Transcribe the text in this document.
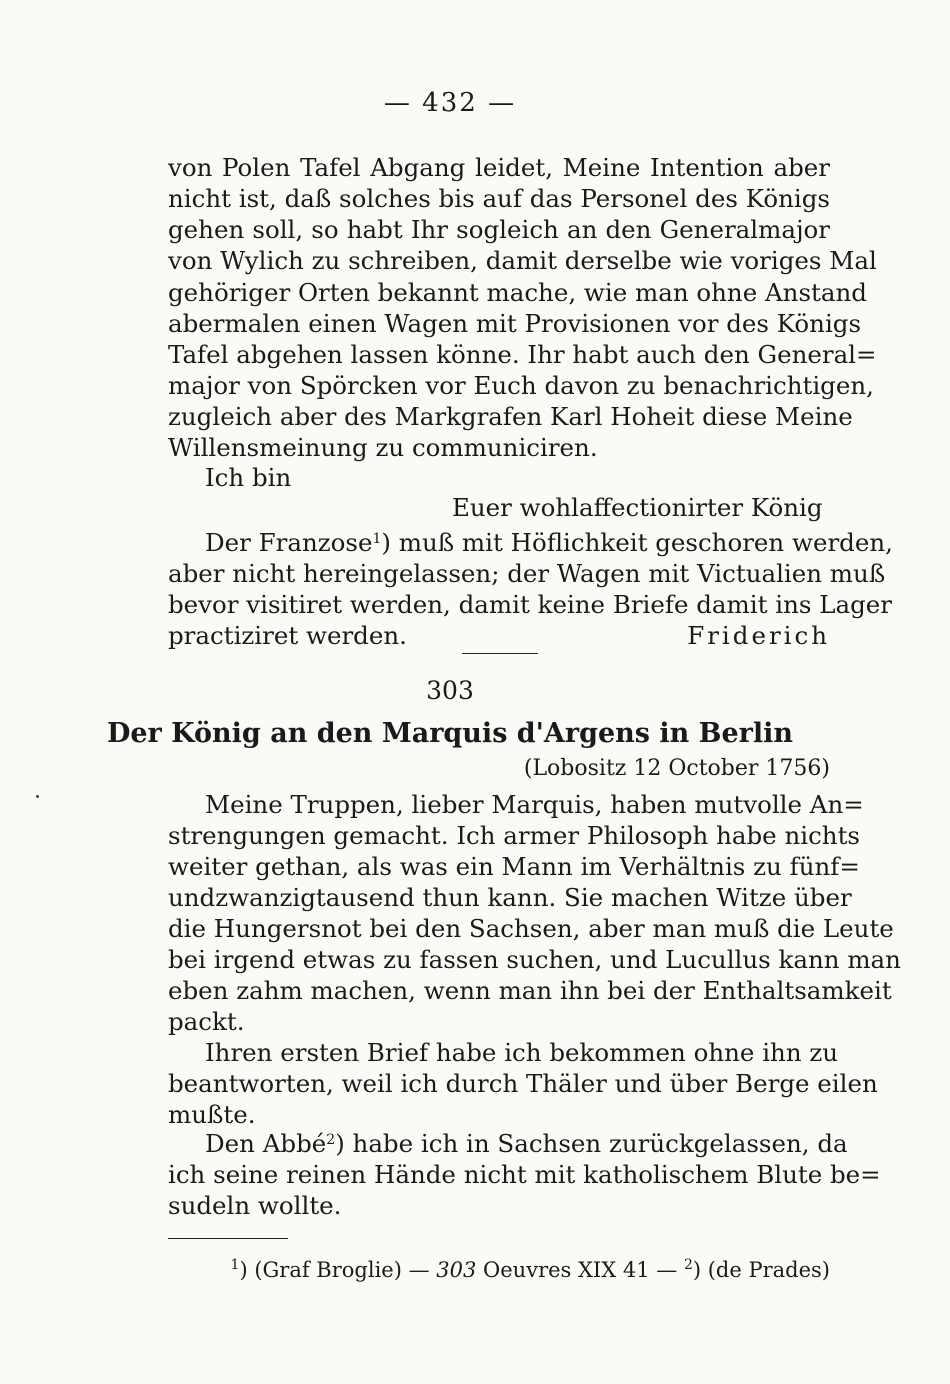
— 432 —
von Polen Tafel Abgang leidet, Meine Intention aber
nicht ist, daß solches bis auf das Personel des Königs
gehen soll, so habt Ihr sogleich an den Generalmajor
von Wylich zu schreiben, damit derselbe wie voriges Mal
gehöriger Orten bekannt mache, wie man ohne Anstand
abermalen einen Wagen mit Provisionen vor des Königs
Tafel abgehen lassen könne. Ihr habt auch den General=
major von Spörcken vor Euch davon zu benachrichtigen,
zugleich aber des Markgrafen Karl Hoheit diese Meine
Willensmeinung zu communiciren.
Ich bin
Euer wohlaffectionirter König
Der Franzose$^1$) muß mit Höflichkeit geschoren werden,
aber nicht hereingelassen; der Wagen mit Victualien muß
bevor visitiret werden, damit keine Briefe damit ins Lager
practiziret werden.	Friderich
303
Der König an den Marquis d'Argens in Berlin
(Lobositz 12 October 1756)
Meine Truppen, lieber Marquis, haben mutvolle An=
strengungen gemacht. Ich armer Philosoph habe nichts
weiter gethan, als was ein Mann im Verhältnis zu fünf=
undzwanzigtausend thun kann. Sie machen Witze über
die Hungersnot bei den Sachsen, aber man muß die Leute
bei irgend etwas zu fassen suchen, und Lucullus kann man
eben zahm machen, wenn man ihn bei der Enthaltsamkeit
packt.
Ihren ersten Brief habe ich bekommen ohne ihn zu
beantworten, weil ich durch Thäler und über Berge eilen
mußte.
Den Abbé$^2$) habe ich in Sachsen zurückgelassen, da
ich seine reinen Hände nicht mit katholischem Blute be=
sudeln wollte.
$^1$) (Graf Broglie) — 303 Oeuvres XIX 41 — $^2$) (de Prades)
